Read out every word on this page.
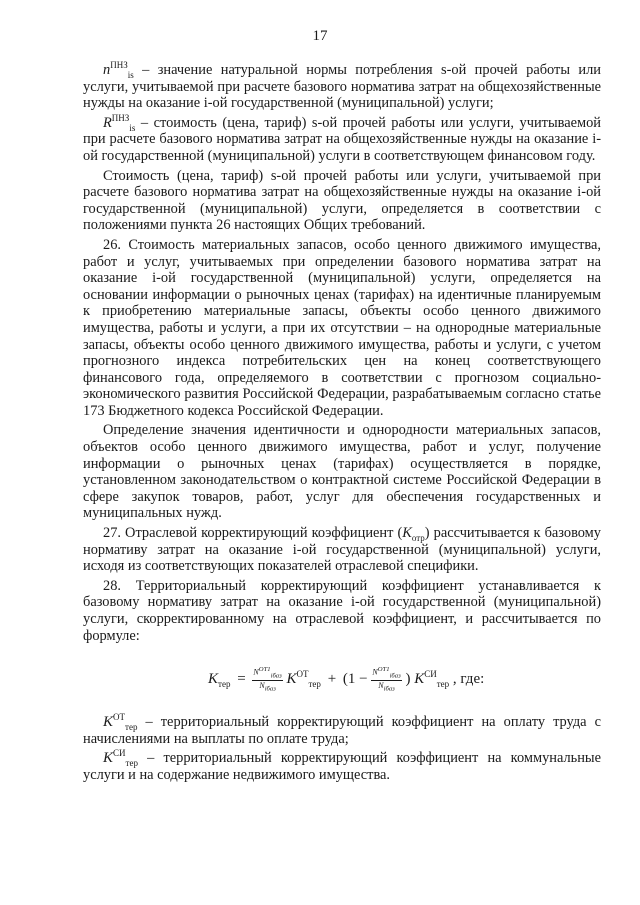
17

$n^{ПНЗ}_{is}$ – значение натуральной нормы потребления s-ой прочей работы или услуги, учитываемой при расчете базового норматива затрат на общехозяйственные нужды на оказание i-ой государственной (муниципальной) услуги;

$R^{ПНЗ}_{is}$ – стоимость (цена, тариф) s-ой прочей работы или услуги, учитываемой при расчете базового норматива затрат на общехозяйственные нужды на оказание i-ой государственной (муниципальной) услуги в соответствующем финансовом году.

Стоимость (цена, тариф) s-ой прочей работы или услуги, учитываемой при расчете базового норматива затрат на общехозяйственные нужды на оказание i-ой государственной (муниципальной) услуги, определяется в соответствии с положениями пункта 26 настоящих Общих требований.

26. Стоимость материальных запасов, особо ценного движимого имущества, работ и услуг, учитываемых при определении базового норматива затрат на оказание i-ой государственной (муниципальной) услуги, определяется на основании информации о рыночных ценах (тарифах) на идентичные планируемым к приобретению материальные запасы, объекты особо ценного движимого имущества, работы и услуги, а при их отсутствии – на однородные материальные запасы, объекты особо ценного движимого имущества, работы и услуги, с учетом прогнозного индекса потребительских цен на конец соответствующего финансового года, определяемого в соответствии с прогнозом социально-экономического развития Российской Федерации, разрабатываемым согласно статье 173 Бюджетного кодекса Российской Федерации.

Определение значения идентичности и однородности материальных запасов, объектов особо ценного движимого имущества, работ и услуг, получение информации о рыночных ценах (тарифах) осуществляется в порядке, установленном законодательством о контрактной системе Российской Федерации в сфере закупок товаров, работ, услуг для обеспечения государственных и муниципальных нужд.

27. Отраслевой корректирующий коэффициент $(К_{отр})$ рассчитывается к базовому нормативу затрат на оказание i-ой государственной (муниципальной) услуги, исходя из соответствующих показателей отраслевой специфики.

28. Территориальный корректирующий коэффициент устанавливается к базовому нормативу затрат на оказание i-ой государственной (муниципальной) услуги, скорректированному на отраслевой коэффициент, и рассчитывается по формуле:

$K_{тер} = \frac{N^{ОТ1}_{iбаз}}{N_{iбаз}} K^{ОТ}_{тер} + (1 - \frac{N^{ОТ1}_{iбаз}}{N_{iбаз}}$ ) $K^{СИ}_{тер}$ , где:

$K^{ОТ}_{тер}$ – территориальный корректирующий коэффициент на оплату труда с начислениями на выплаты по оплате труда;

$K^{СИ}_{тер}$ – территориальный корректирующий коэффициент на коммунальные услуги и на содержание недвижимого имущества.
